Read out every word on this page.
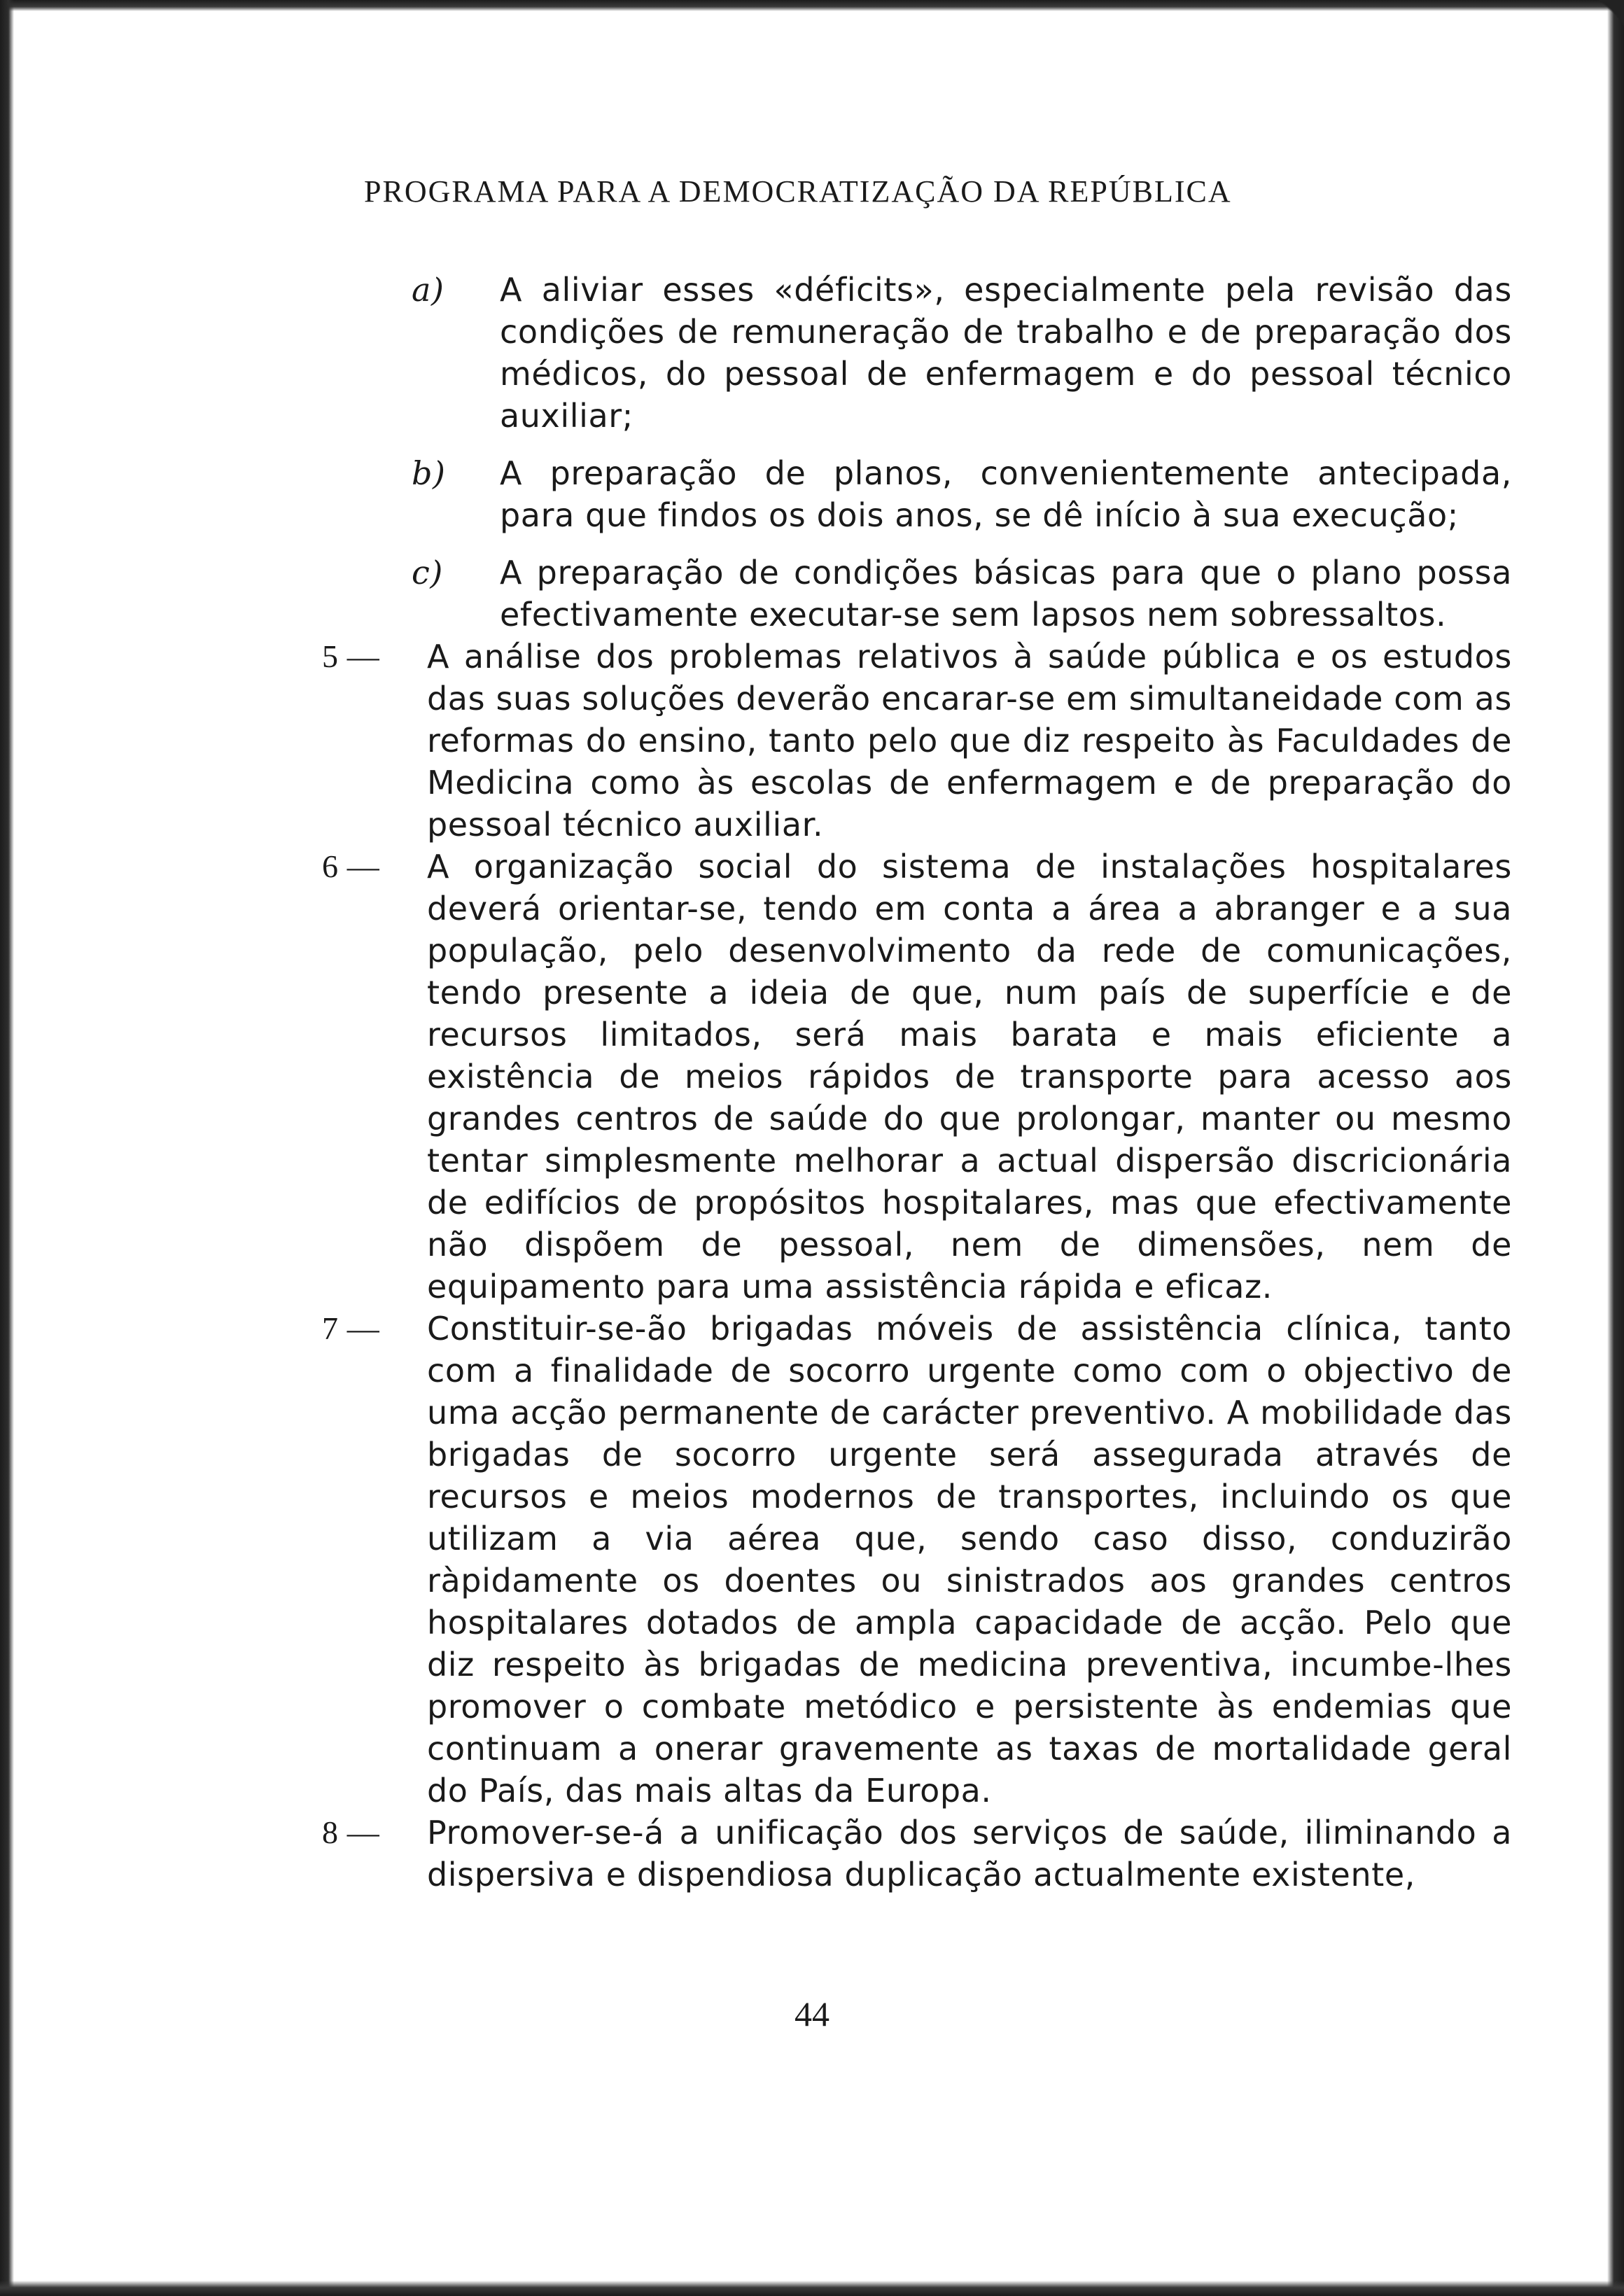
PROGRAMA PARA A DEMOCRATIZAÇÃO DA REPÚBLICA
a) A aliviar esses «déficits», especialmente pela revisão das condições de remuneração de trabalho e de preparação dos médicos, do pessoal de enfermagem e do pessoal técnico auxiliar;
b) A preparação de planos, convenientemente antecipada, para que findos os dois anos, se dê início à sua execução;
c) A preparação de condições básicas para que o plano possa efectivamente executar-se sem lapsos nem sobressaltos.
5 —	A análise dos problemas relativos à saúde pública e os estudos das suas soluções deverão encarar-se em simultaneidade com as reformas do ensino, tanto pelo que diz respeito às Faculdades de Medicina como às escolas de enfermagem e de preparação do pessoal técnico auxiliar.
6 —	A organização social do sistema de instalações hospitalares deverá orientar-se, tendo em conta a área a abranger e a sua população, pelo desenvolvimento da rede de comunicações, tendo presente a ideia de que, num país de superfície e de recursos limitados, será mais barata e mais eficiente a existência de meios rápidos de transporte para acesso aos grandes centros de saúde do que prolongar, manter ou mesmo tentar simplesmente melhorar a actual dispersão discricionária de edifícios de propósitos hospitalares, mas que efectivamente não dispõem de pessoal, nem de dimensões, nem de equipamento para uma assistência rápida e eficaz.
7 —	Constituir-se-ão brigadas móveis de assistência clínica, tanto com a finalidade de socorro urgente como com o objectivo de uma acção permanente de carácter preventivo. A mobilidade das brigadas de socorro urgente será assegurada através de recursos e meios modernos de transportes, incluindo os que utilizam a via aérea que, sendo caso disso, conduzirão ràpidamente os doentes ou sinistrados aos grandes centros hospitalares dotados de ampla capacidade de acção. Pelo que diz respeito às brigadas de medicina preventiva, incumbe-lhes promover o combate metódico e persistente às endemias que continuam a onerar gravemente as taxas de mortalidade geral do País, das mais altas da Europa.
8 —	Promover-se-á a unificação dos serviços de saúde, iliminando a dispersiva e dispendiosa duplicação actualmente existente,
44
